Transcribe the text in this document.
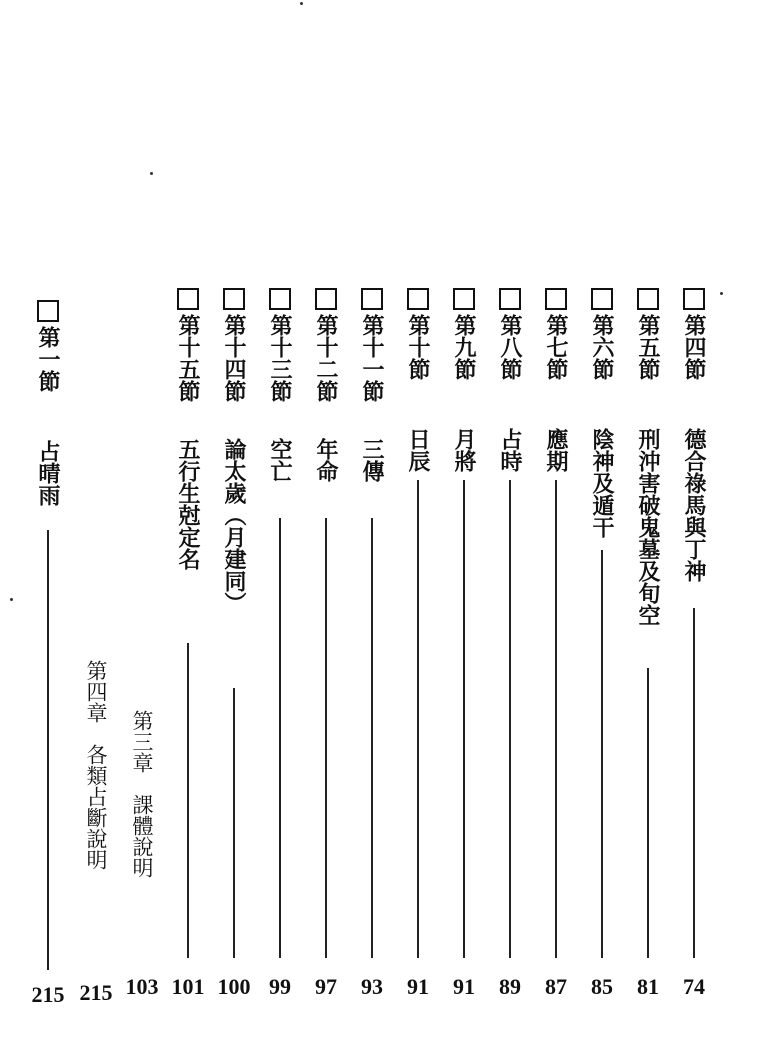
第四節
德合祿馬與丁神
74
第五節
刑沖害破鬼墓及旬空
81
第六節
陰神及遁干
85
第七節
應期
87
第八節
占時
89
第九節
月將
91
第十節
日辰
91
第十一節
三傳
93
第十二節
年命
97
第十三節
空亡
99
第十四節
論太歲（月建同）
100
第十五節
五行生尅定名
101
第三章　課體說明
103
第四章　各類占斷說明
215
第一節
占晴雨
215
